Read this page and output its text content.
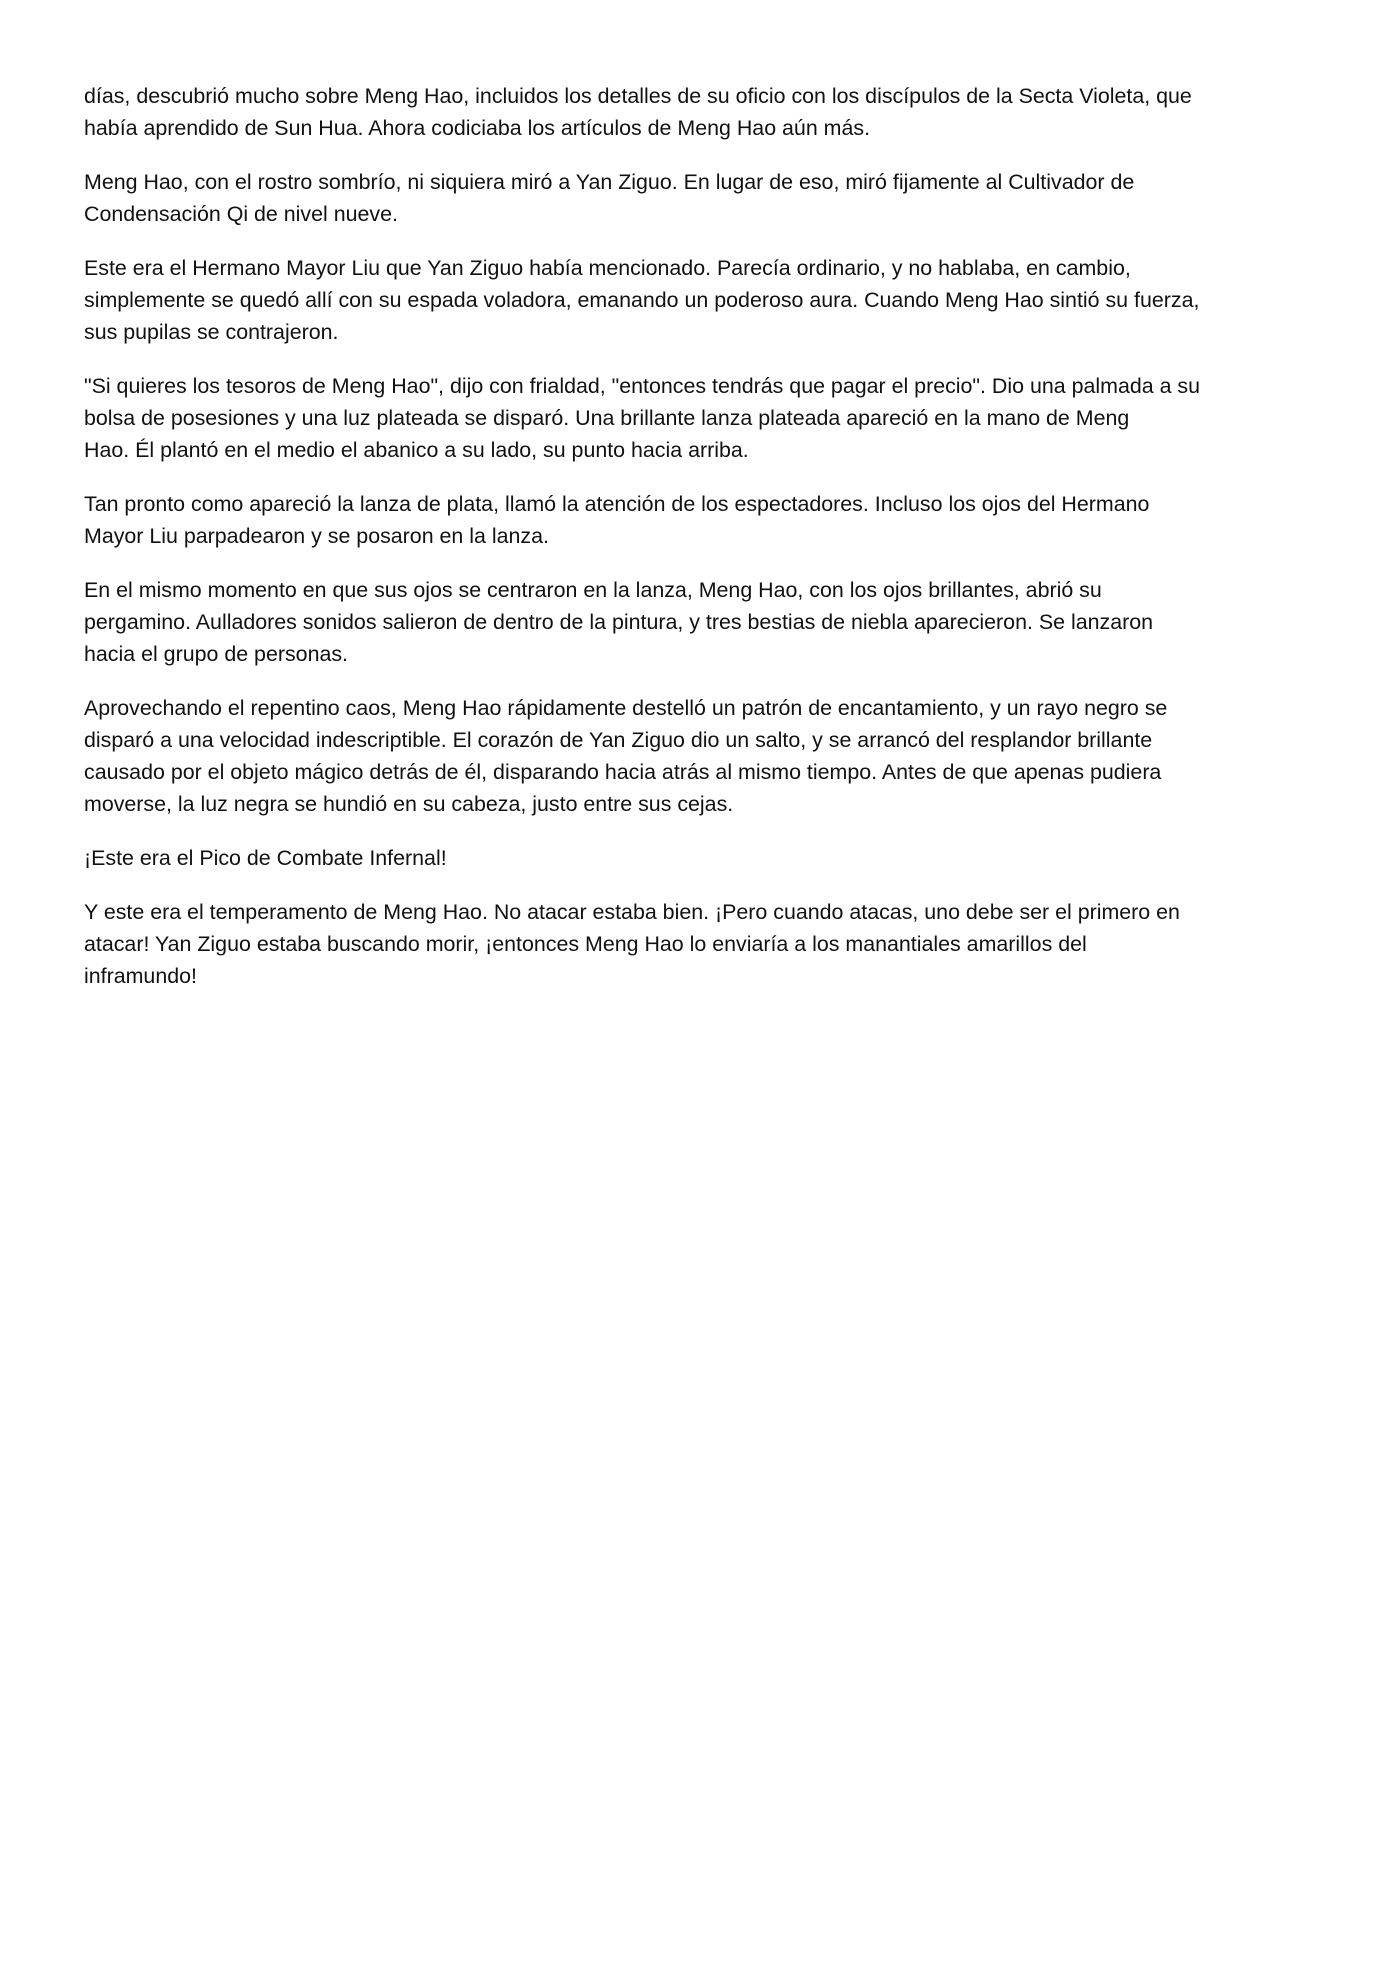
días, descubrió mucho sobre Meng Hao, incluidos los detalles de su oficio con los discípulos de la Secta Violeta, que
había aprendido de Sun Hua. Ahora codiciaba los artículos de Meng Hao aún más.

Meng Hao, con el rostro sombrío, ni siquiera miró a Yan Ziguo. En lugar de eso, miró fijamente al Cultivador de
Condensación Qi de nivel nueve.

Este era el Hermano Mayor Liu que Yan Ziguo había mencionado. Parecía ordinario, y no hablaba, en cambio,
simplemente se quedó allí con su espada voladora, emanando un poderoso aura. Cuando Meng Hao sintió su fuerza,
sus pupilas se contrajeron.

"Si quieres los tesoros de Meng Hao", dijo con frialdad, "entonces tendrás que pagar el precio". Dio una palmada a su
bolsa de posesiones y una luz plateada se disparó. Una brillante lanza plateada apareció en la mano de Meng
Hao. Él plantó en el medio el abanico a su lado, su punto hacia arriba.

Tan pronto como apareció la lanza de plata, llamó la atención de los espectadores. Incluso los ojos del Hermano
Mayor Liu parpadearon y se posaron en la lanza.

En el mismo momento en que sus ojos se centraron en la lanza, Meng Hao, con los ojos brillantes, abrió su
pergamino. Aulladores sonidos salieron de dentro de la pintura, y tres bestias de niebla aparecieron. Se lanzaron
hacia el grupo de personas.

Aprovechando el repentino caos, Meng Hao rápidamente destelló un patrón de encantamiento, y un rayo negro se
disparó a una velocidad indescriptible. El corazón de Yan Ziguo dio un salto, y se arrancó del resplandor brillante
causado por el objeto mágico detrás de él, disparando hacia atrás al mismo tiempo. Antes de que apenas pudiera
moverse, la luz negra se hundió en su cabeza, justo entre sus cejas.

¡Este era el Pico de Combate Infernal!

Y este era el temperamento de Meng Hao. No atacar estaba bien. ¡Pero cuando atacas, uno debe ser el primero en
atacar! Yan Ziguo estaba buscando morir, ¡entonces Meng Hao lo enviaría a los manantiales amarillos del
inframundo!
